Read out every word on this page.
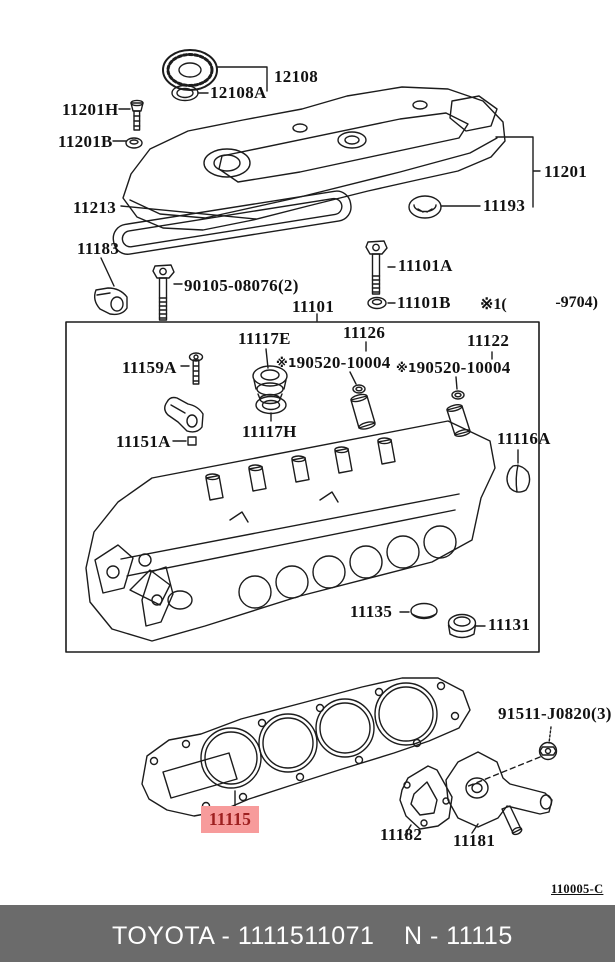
12108
12108A
11201H
11201B
11213
11201
11193
11183
90105-08076(2)
11101A
11101B ※1(	-9704)
11101
11117E	11126	11122
※190520-10004 ※190520-10004
11159A
11117H
11151A	11116A
11135
11131
91511-J0820(3)
11115
11182 11181
110005-C
TOYOTA - 1111511071 N - 11115
